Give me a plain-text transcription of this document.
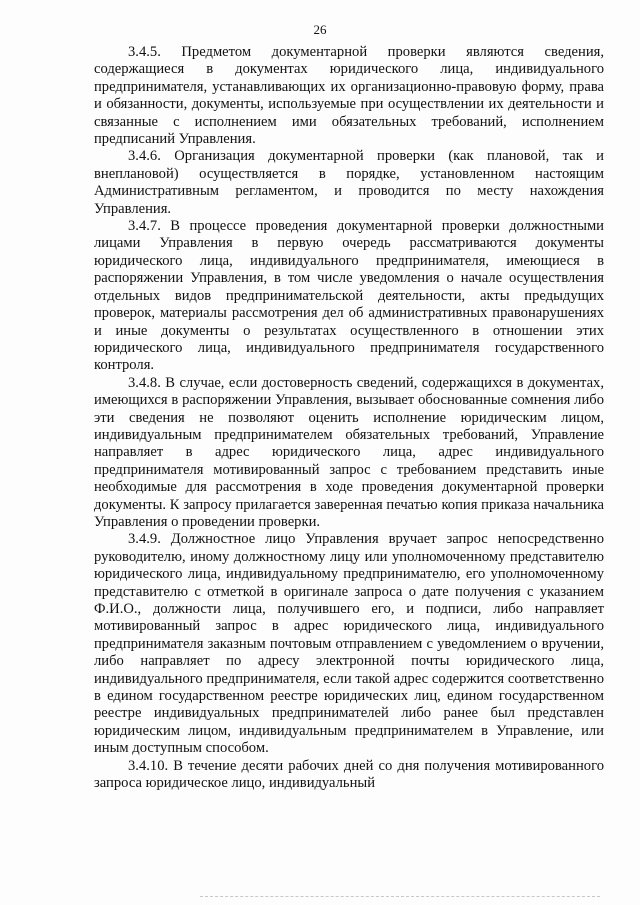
26

3.4.5. Предметом документарной проверки являются сведения, содержащиеся в документах юридического лица, индивидуального предпринимателя, устанавливающих их организационно-правовую форму, права и обязанности, документы, используемые при осуществлении их деятельности и связанные с исполнением ими обязательных требований, исполнением предписаний Управления.

3.4.6. Организация документарной проверки (как плановой, так и внеплановой) осуществляется в порядке, установленном настоящим Административным регламентом, и проводится по месту нахождения Управления.

3.4.7. В процессе проведения документарной проверки должностными лицами Управления в первую очередь рассматриваются документы юридического лица, индивидуального предпринимателя, имеющиеся в распоряжении Управления, в том числе уведомления о начале осуществления отдельных видов предпринимательской деятельности, акты предыдущих проверок, материалы рассмотрения дел об административных правонарушениях и иные документы о результатах осуществленного в отношении этих юридического лица, индивидуального предпринимателя государственного контроля.

3.4.8. В случае, если достоверность сведений, содержащихся в документах, имеющихся в распоряжении Управления, вызывает обоснованные сомнения либо эти сведения не позволяют оценить исполнение юридическим лицом, индивидуальным предпринимателем обязательных требований, Управление направляет в адрес юридического лица, адрес индивидуального предпринимателя мотивированный запрос с требованием представить иные необходимые для рассмотрения в ходе проведения документарной проверки документы. К запросу прилагается заверенная печатью копия приказа начальника Управления о проведении проверки.

3.4.9. Должностное лицо Управления вручает запрос непосредственно руководителю, иному должностному лицу или уполномоченному представителю юридического лица, индивидуальному предпринимателю, его уполномоченному представителю с отметкой в оригинале запроса о дате получения с указанием Ф.И.О., должности лица, получившего его, и подписи, либо направляет мотивированный запрос в адрес юридического лица, индивидуального предпринимателя заказным почтовым отправлением с уведомлением о вручении, либо направляет по адресу электронной почты юридического лица, индивидуального предпринимателя, если такой адрес содержится соответственно в едином государственном реестре юридических лиц, едином государственном реестре индивидуальных предпринимателей либо ранее был представлен юридическим лицом, индивидуальным предпринимателем в Управление, или иным доступным способом.

3.4.10. В течение десяти рабочих дней со дня получения мотивированного запроса юридическое лицо, индивидуальный
